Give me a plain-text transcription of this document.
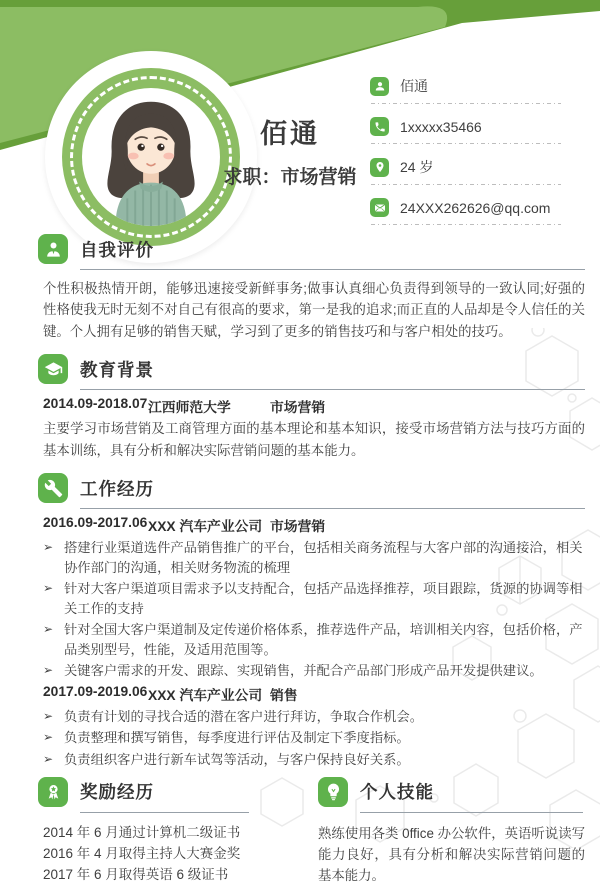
佰通
求职：市场营销
佰通
1xxxxx35466
24 岁
24XXX262626@qq.com
自我评价

个性积极热情开朗，能够迅速接受新鲜事务;做事认真细心负责得到领导的一致认同;好强的性格使我无时无刻不对自己有很高的要求，第一是我的追求;而正直的人品却是令人信任的关键。个人拥有足够的销售天赋，学习到了更多的销售技巧和与客户相处的技巧。

教育背景
2014.09-2018.07 江西师范大学	市场营销

主要学习市场营销及工商管理方面的基本理论和基本知识，接受市场营销方法与技巧方面的基本训练，具有分析和解决实际营销问题的基本能力。

工作经历
2016.09-2017.06 XXX 汽车产业公司 市场营销
➢ 搭建行业渠道选件产品销售推广的平台，包括相关商务流程与大客户部的沟通接洽，相关协作部门的沟通，相关财务物流的梳理
➢ 针对大客户渠道项目需求予以支持配合，包括产品选择推荐，项目跟踪，货源的协调等相关工作的支持
➢ 针对全国大客户渠道制及定传递价格体系，推荐选件产品，培训相关内容，包括价格，产品类别型号，性能，及适用范围等。
➢ 关键客户需求的开发、跟踪、实现销售，并配合产品部门形成产品开发提供建议。
2017.09-2019.06 XXX 汽车产业公司 销售
➢ 负责有计划的寻找合适的潜在客户进行拜访，争取合作机会。
➢ 负责整理和撰写销售，每季度进行评估及制定下季度指标。
➢ 负责组织客户进行新车试驾等活动，与客户保持良好关系。
奖励经历
2014 年 6 月通过计算机二级证书
2016 年 4 月取得主持人大赛金奖
2017 年 6 月取得英语 6 级证书
个人技能

熟练使用各类 0ffice 办公软件，英语听说读写能力良好，具有分析和解决实际营销问题的基本能力。
